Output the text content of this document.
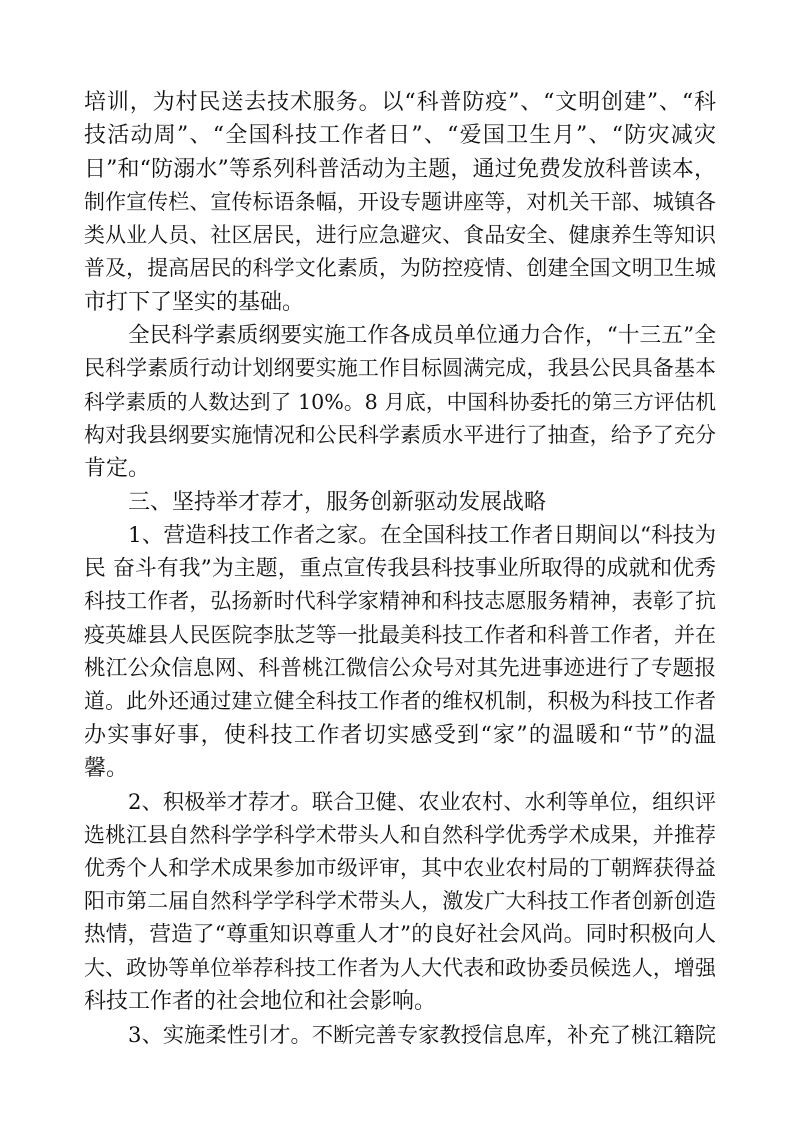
培训，为村民送去技术服务。以“科普防疫”、“文明创建”、“科
技活动周”、“全国科技工作者日”、“爱国卫生月”、“防灾减灾
日”和“防溺水”等系列科普活动为主题，通过免费发放科普读本，
制作宣传栏、宣传标语条幅，开设专题讲座等，对机关干部、城镇各
类从业人员、社区居民，进行应急避灾、食品安全、健康养生等知识
普及，提高居民的科学文化素质，为防控疫情、创建全国文明卫生城
市打下了坚实的基础。
全民科学素质纲要实施工作各成员单位通力合作，“十三五”全
民科学素质行动计划纲要实施工作目标圆满完成，我县公民具备基本
科学素质的人数达到了 10%。8 月底，中国科协委托的第三方评估机
构对我县纲要实施情况和公民科学素质水平进行了抽查，给予了充分
肯定。
三、坚持举才荐才，服务创新驱动发展战略
1、营造科技工作者之家。在全国科技工作者日期间以“科技为
民 奋斗有我”为主题，重点宣传我县科技事业所取得的成就和优秀
科技工作者，弘扬新时代科学家精神和科技志愿服务精神，表彰了抗
疫英雄县人民医院李肽芝等一批最美科技工作者和科普工作者，并在
桃江公众信息网、科普桃江微信公众号对其先进事迹进行了专题报
道。此外还通过建立健全科技工作者的维权机制，积极为科技工作者
办实事好事，使科技工作者切实感受到“家”的温暖和“节”的温
馨。
2、积极举才荐才。联合卫健、农业农村、水利等单位，组织评
选桃江县自然科学学科学术带头人和自然科学优秀学术成果，并推荐
优秀个人和学术成果参加市级评审，其中农业农村局的丁朝辉获得益
阳市第二届自然科学学科学术带头人，激发广大科技工作者创新创造
热情，营造了“尊重知识尊重人才”的良好社会风尚。同时积极向人
大、政协等单位举荐科技工作者为人大代表和政协委员候选人，增强
科技工作者的社会地位和社会影响。
3、实施柔性引才。不断完善专家教授信息库，补充了桃江籍院
